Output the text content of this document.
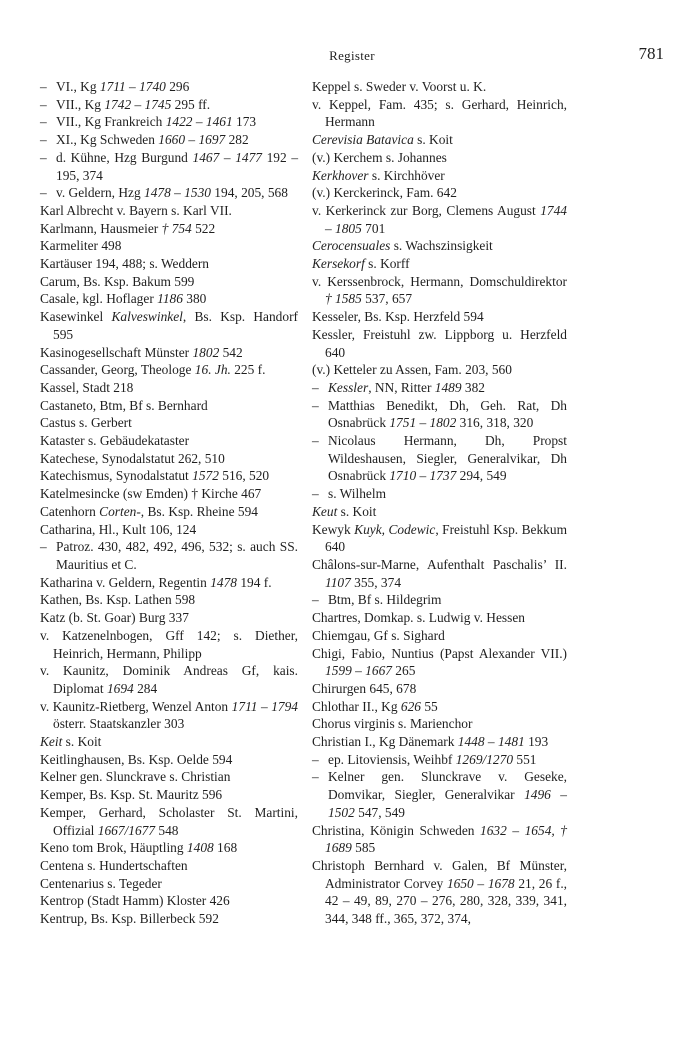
Register	781

– VI., Kg 1711 – 1740 296

– VII., Kg 1742 – 1745 295 ff.

– VII., Kg Frankreich 1422 – 1461 173

– XI., Kg Schweden 1660 – 1697 282

– d. Kühne, Hzg Burgund 1467 – 1477 192 – 195, 374

– v. Geldern, Hzg 1478 – 1530 194, 205, 568

Karl Albrecht v. Bayern s. Karl VII.

Karlmann, Hausmeier † 754 522

Karmeliter 498

Kartäuser 194, 488; s. Weddern

Carum, Bs. Ksp. Bakum 599

Casale, kgl. Hoflager 1186 380

Kasewinkel Kalveswinkel, Bs. Ksp. Handorf 595

Kasinogesellschaft Münster 1802 542

Cassander, Georg, Theologe 16. Jh. 225 f.

Kassel, Stadt 218

Castaneto, Btm, Bf s. Bernhard

Castus s. Gerbert

Kataster s. Gebäudekataster

Katechese, Synodalstatut 262, 510

Katechismus, Synodalstatut 1572 516, 520

Katelmesincke (sw Emden) † Kirche 467

Catenhorn Corten-, Bs. Ksp. Rheine 594

Catharina, Hl., Kult 106, 124

– Patroz. 430, 482, 492, 496, 532; s. auch SS. Mauritius et C.

Katharina v. Geldern, Regentin 1478 194 f.

Kathen, Bs. Ksp. Lathen 598

Katz (b. St. Goar) Burg 337

v. Katzenelnbogen, Gff 142; s. Diether, Heinrich, Hermann, Philipp

v. Kaunitz, Dominik Andreas Gf, kais. Diplomat 1694 284

v. Kaunitz-Rietberg, Wenzel Anton 1711 – 1794 österr. Staatskanzler 303

Keit s. Koit

Keitlinghausen, Bs. Ksp. Oelde 594

Kelner gen. Slunckrave s. Christian

Kemper, Bs. Ksp. St. Mauritz 596

Kemper, Gerhard, Scholaster St. Martini, Offizial 1667/1677 548

Keno tom Brok, Häuptling 1408 168

Centena s. Hundertschaften

Centenarius s. Tegeder

Kentrop (Stadt Hamm) Kloster 426

Kentrup, Bs. Ksp. Billerbeck 592

Keppel s. Sweder v. Voorst u. K.

v. Keppel, Fam. 435; s. Gerhard, Heinrich, Hermann

Cerevisia Batavica s. Koit

(v.) Kerchem s. Johannes

Kerkhover s. Kirchhöver

(v.) Kerckerinck, Fam. 642

v. Kerkerinck zur Borg, Clemens August 1744 – 1805 701

Cerocensuales s. Wachszinsigkeit

Kersekorf s. Korff

v. Kerssenbrock, Hermann, Domschuldirektor † 1585 537, 657

Kesseler, Bs. Ksp. Herzfeld 594

Kessler, Freistuhl zw. Lippborg u. Herzfeld 640

(v.) Ketteler zu Assen, Fam. 203, 560

– Kessler, NN, Ritter 1489 382

– Matthias Benedikt, Dh, Geh. Rat, Dh Osnabrück 1751 – 1802 316, 318, 320

– Nicolaus Hermann, Dh, Propst Wildeshausen, Siegler, Generalvikar, Dh Osnabrück 1710 – 1737 294, 549

– s. Wilhelm

Keut s. Koit

Kewyk Kuyk, Codewic, Freistuhl Ksp. Bekkum 640

Châlons-sur-Marne, Aufenthalt Paschalis’ II. 1107 355, 374

– Btm, Bf s. Hildegrim

Chartres, Domkap. s. Ludwig v. Hessen

Chiemgau, Gf s. Sighard

Chigi, Fabio, Nuntius (Papst Alexander VII.) 1599 – 1667 265

Chirurgen 645, 678

Chlothar II., Kg 626 55

Chorus virginis s. Marienchor

Christian I., Kg Dänemark 1448 – 1481 193

– ep. Litoviensis, Weihbf 1269/1270 551

– Kelner gen. Slunckrave v. Geseke, Domvikar, Siegler, Generalvikar 1496 – 1502 547, 549

Christina, Königin Schweden 1632 – 1654, † 1689 585

Christoph Bernhard v. Galen, Bf Münster, Administrator Corvey 1650 – 1678 21, 26 f., 42 – 49, 89, 270 – 276, 280, 328, 339, 341, 344, 348 ff., 365, 372, 374,
